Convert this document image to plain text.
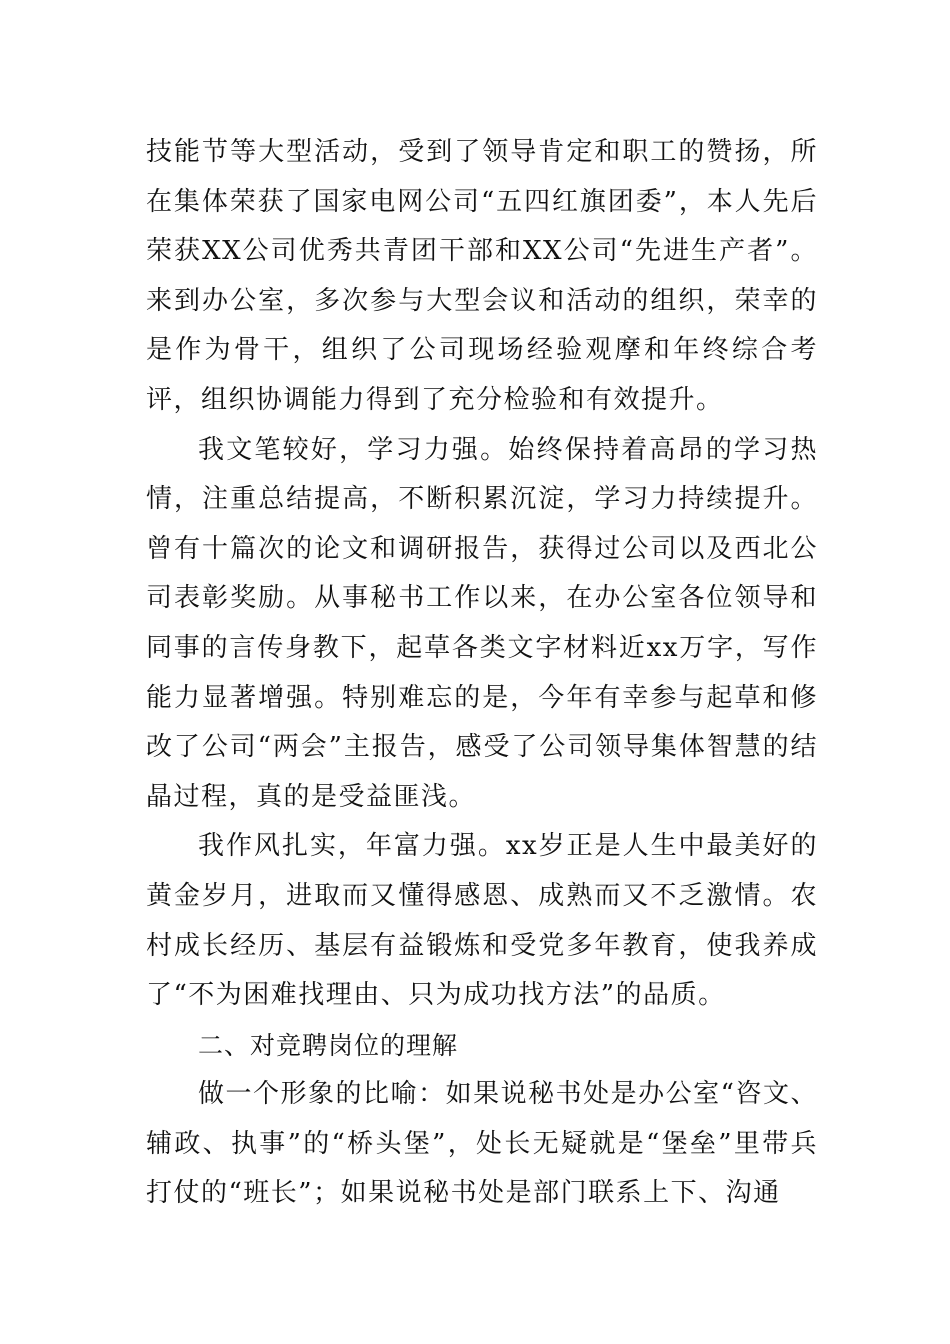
技能节等大型活动，受到了领导肯定和职工的赞扬，所在集体荣获了国家电网公司“五四红旗团委”，本人先后荣获XX公司优秀共青团干部和XX公司“先进生产者”。来到办公室，多次参与大型会议和活动的组织，荣幸的是作为骨干，组织了公司现场经验观摩和年终综合考评，组织协调能力得到了充分检验和有效提升。

我文笔较好，学习力强。始终保持着高昂的学习热情，注重总结提高，不断积累沉淀，学习力持续提升。曾有十篇次的论文和调研报告，获得过公司以及西北公司表彰奖励。从事秘书工作以来，在办公室各位领导和同事的言传身教下，起草各类文字材料近xx万字，写作能力显著增强。特别难忘的是，今年有幸参与起草和修改了公司“两会”主报告，感受了公司领导集体智慧的结晶过程，真的是受益匪浅。

我作风扎实，年富力强。xx岁正是人生中最美好的黄金岁月，进取而又懂得感恩、成熟而又不乏激情。农村成长经历、基层有益锻炼和受党多年教育，使我养成了“不为困难找理由、只为成功找方法”的品质。

二、对竞聘岗位的理解

做一个形象的比喻：如果说秘书处是办公室“咨文、辅政、执事”的“桥头堡”，处长无疑就是“堡垒”里带兵打仗的“班长”；如果说秘书处是部门联系上下、沟通
